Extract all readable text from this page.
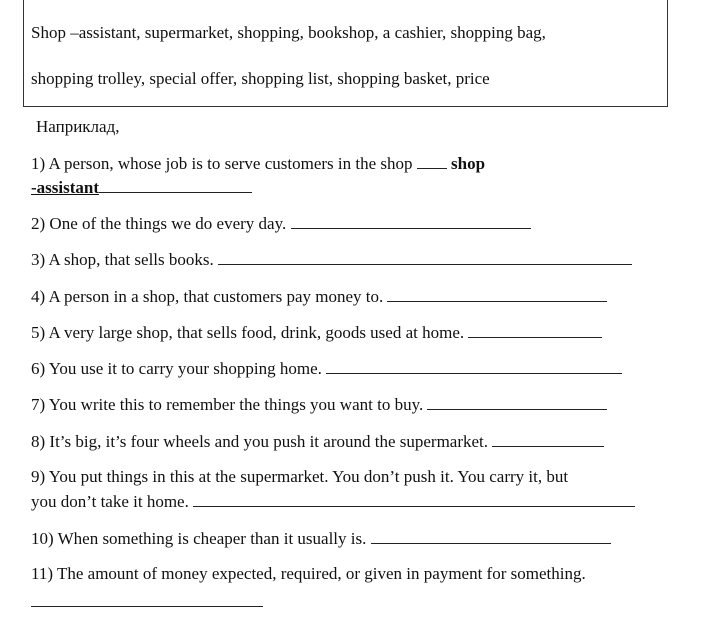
Shop –assistant, supermarket, shopping, bookshop, a cashier, shopping bag,
shopping trolley, special offer, shopping list, shopping basket, price
Наприклад,
1) A person, whose job is to serve customers in the shop shop
-assistant
2) One of the things we do every day.
3) A shop, that sells books.
4) A person in a shop, that customers pay money to.
5) A very large shop, that sells food, drink, goods used at home.
6) You use it to carry your shopping home.
7) You write this to remember the things you want to buy.
8) It’s big, it’s four wheels and you push it around the supermarket.
9) You put things in this at the supermarket. You don’t push it. You carry it, but
you don’t take it home.
10) When something is cheaper than it usually is.
11) The amount of money expected, required, or given in payment for something.
